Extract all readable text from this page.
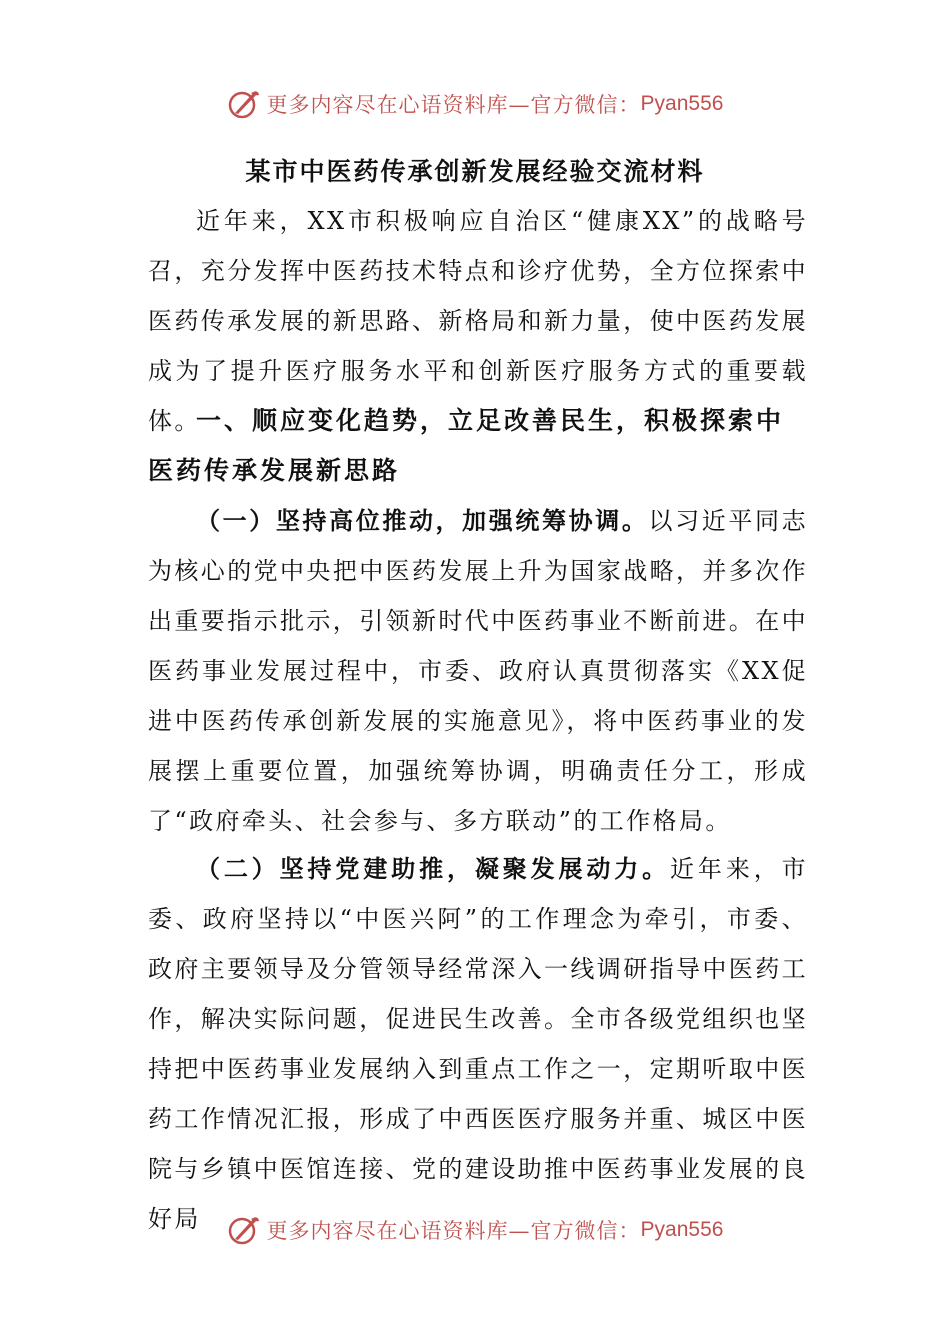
更多内容尽在心语资料库—官方微信： Pyan556
某市中医药传承创新发展经验交流材料

近年来，XX市积极响应自治区“健康XX”的战略号召，充分发挥中医药技术特点和诊疗优势，全方位探索中医药传承发展的新思路、新格局和新力量，使中医药发展成为了提升医疗服务水平和创新医疗服务方式的重要载体。

一、顺应变化趋势，立足改善民生，积极探索中医药传承发展新思路

（一）坚持高位推动，加强统筹协调。以习近平同志为核心的党中央把中医药发展上升为国家战略，并多次作出重要指示批示，引领新时代中医药事业不断前进。在中医药事业发展过程中，市委、政府认真贯彻落实《XX促进中医药传承创新发展的实施意见》，将中医药事业的发展摆上重要位置，加强统筹协调，明确责任分工，形成了“政府牵头、社会参与、多方联动”的工作格局。

（二）坚持党建助推，凝聚发展动力。近年来，市委、政府坚持以“中医兴阿”的工作理念为牵引，市委、政府主要领导及分管领导经常深入一线调研指导中医药工作，解决实际问题，促进民生改善。全市各级党组织也坚持把中医药事业发展纳入到重点工作之一，定期听取中医药工作情况汇报，形成了中西医医疗服务并重、城区中医院与乡镇中医馆连接、党的建设助推中医药事业发展的良好局	更多内容尽在心语资料库—官方微信： Pyan556
